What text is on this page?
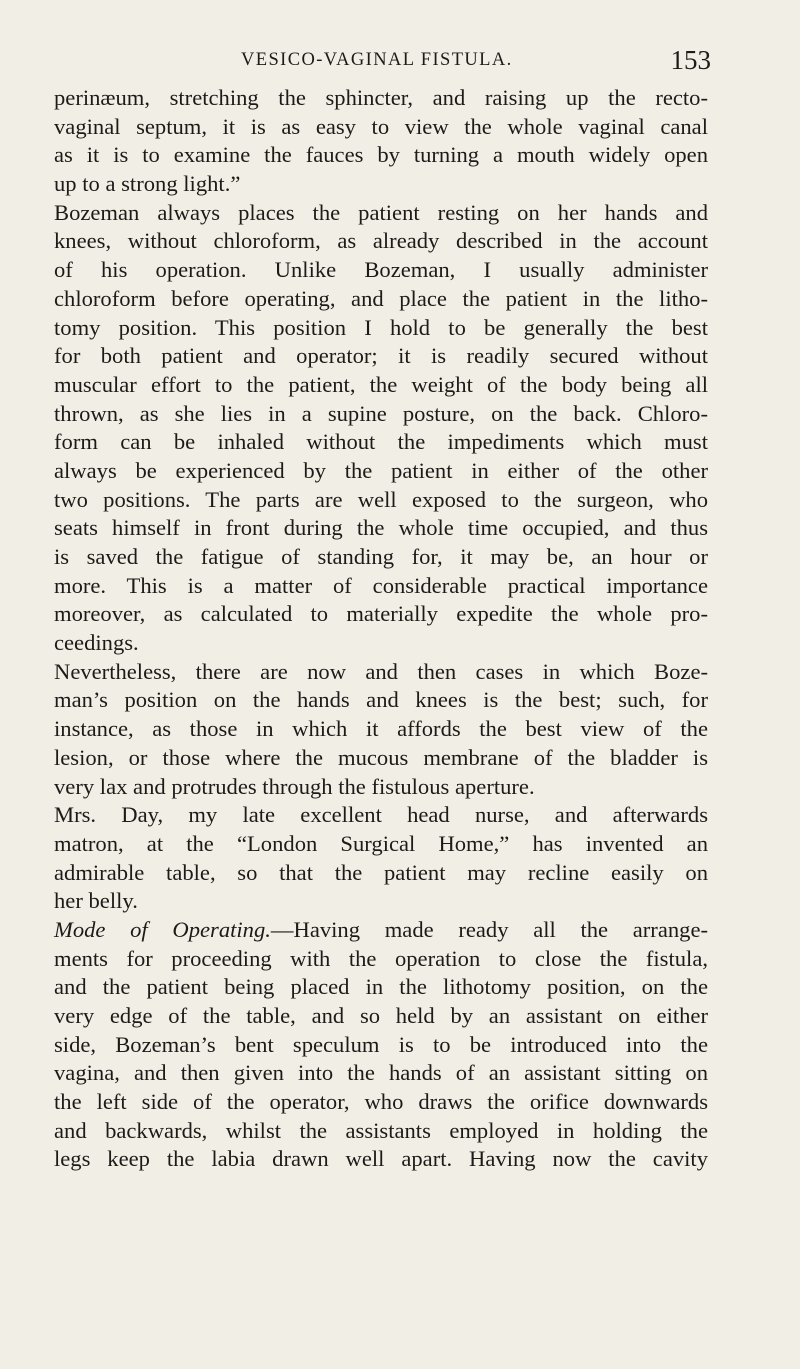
VESICO-VAGINAL FISTULA.	153
perinæum, stretching the sphincter, and raising up the recto-
vaginal septum, it is as easy to view the whole vaginal canal
as it is to examine the fauces by turning a mouth widely open
up to a strong light.”
Bozeman always places the patient resting on her hands and
knees, without chloroform, as already described in the account
of his operation. Unlike Bozeman, I usually administer
chloroform before operating, and place the patient in the litho-
tomy position. This position I hold to be generally the best
for both patient and operator; it is readily secured without
muscular effort to the patient, the weight of the body being all
thrown, as she lies in a supine posture, on the back. Chloro-
form can be inhaled without the impediments which must
always be experienced by the patient in either of the other
two positions. The parts are well exposed to the surgeon, who
seats himself in front during the whole time occupied, and thus
is saved the fatigue of standing for, it may be, an hour or
more. This is a matter of considerable practical importance
moreover, as calculated to materially expedite the whole pro-
ceedings.
Nevertheless, there are now and then cases in which Boze-
man’s position on the hands and knees is the best; such, for
instance, as those in which it affords the best view of the
lesion, or those where the mucous membrane of the bladder is
very lax and protrudes through the fistulous aperture.
Mrs. Day, my late excellent head nurse, and afterwards
matron, at the “London Surgical Home,” has invented an
admirable table, so that the patient may recline easily on
her belly.
Mode of Operating.—Having made ready all the arrange-
ments for proceeding with the operation to close the fistula,
and the patient being placed in the lithotomy position, on the
very edge of the table, and so held by an assistant on either
side, Bozeman’s bent speculum is to be introduced into the
vagina, and then given into the hands of an assistant sitting on
the left side of the operator, who draws the orifice downwards
and backwards, whilst the assistants employed in holding the
legs keep the labia drawn well apart. Having now the cavity
